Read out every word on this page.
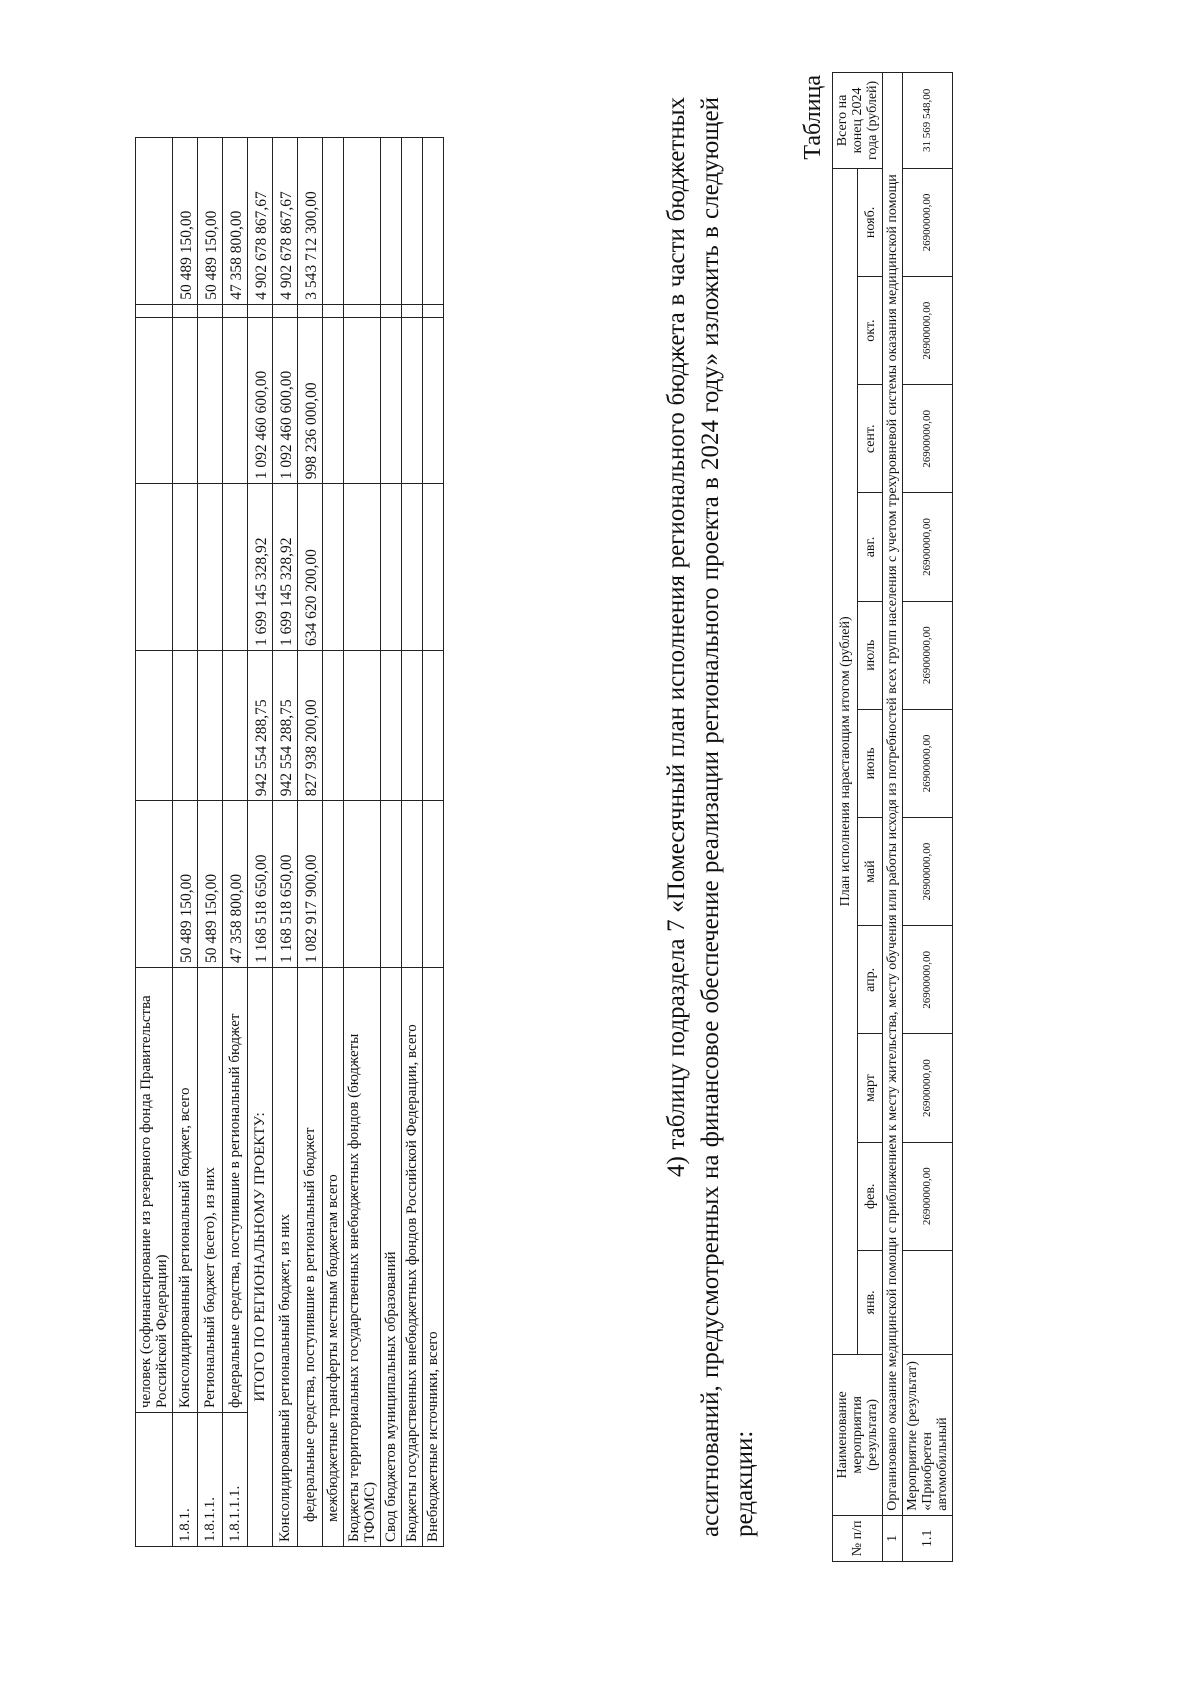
	человек (софинансирование из резервного фонда Правительства Российской Федерации)						
1.8.1.	Консолидированный региональный бюджет, всего	50 489 150,00					50 489 150,00
1.8.1.1.	Региональный бюджет (всего), из них	50 489 150,00					50 489 150,00
1.8.1.1.1.	федеральные средства, поступившие в региональный бюджет	47 358 800,00					47 358 800,00
ИТОГО ПО РЕГИОНАЛЬНОМУ ПРОЕКТУ:		1 168 518 650,00	942 554 288,75	1 699 145 328,92	1 092 460 600,00		4 902 678 867,67
Консолидированный региональный бюджет, из них		1 168 518 650,00	942 554 288,75	1 699 145 328,92	1 092 460 600,00		4 902 678 867,67
федеральные средства, поступившие в региональный бюджет		1 082 917 900,00	827 938 200,00	634 620 200,00	998 236 000,00		3 543 712 300,00
межбюджетные трансферты местным бюджетам всего							
Бюджеты территориальных государственных внебюджетных фондов (бюджеты ТФОМС)							
Свод бюджетов муниципальных образований							
Бюджеты государственных внебюджетных фондов Российской Федерации, всего							
Внебюджетные источники, всего							

4) таблицу подраздела 7 «Помесячный план исполнения регионального бюджета в части бюджетных ассигнований, предусмотренных на финансовое обеспечение реализации регионального проекта в 2024 году» изложить в следующей редакции:

Таблица
№ п/п	Наименование мероприятия (результата)	План исполнения нарастающим итогом (рублей)											Всего на конец 2024 года (рублей)
		янв.	фев.	март	апр.	май	июнь	июль	авг.	сент.	окт.	нояб.	
1	Организовано оказание медицинской помощи с приближением к месту жительства, месту обучения или работы исходя из потребностей всех групп населения с учетом трехуровневой системы оказания медицинской помощи												
1.1	Мероприятие (результат) «Приобретен автомобильный		26900000,00	26900000,00	26900000,00	26900000,00	26900000,00	26900000,00	26900000,00	26900000,00	26900000,00	26900000,00	31 569 548,00
